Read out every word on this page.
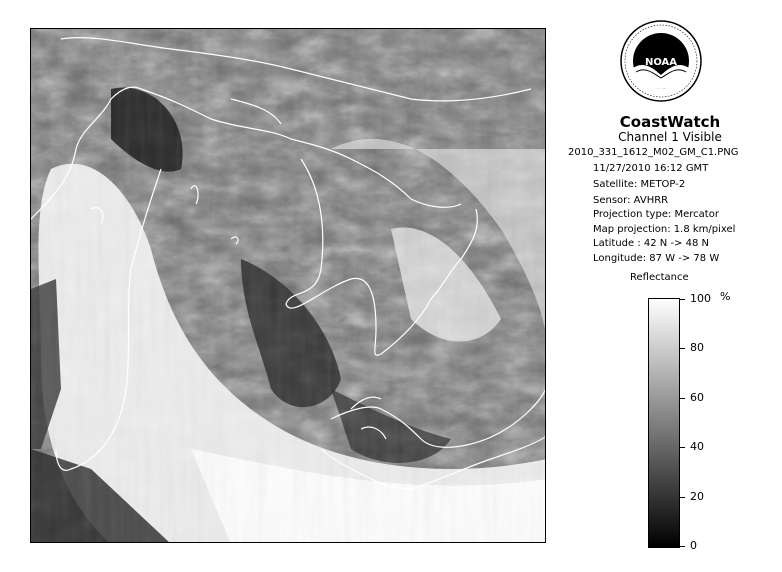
NOAA
CoastWatch
Channel 1 Visible
2010_331_1612_M02_GM_C1.PNG
11/27/2010 16:12 GMT
Satellite: METOP-2
Sensor: AVHRR
Projection type: Mercator
Map projection: 1.8 km/pixel
Latitude : 42 N -> 48 N
Longitude: 87 W -> 78 W
Reflectance
%
100
80
60
40
20
0
